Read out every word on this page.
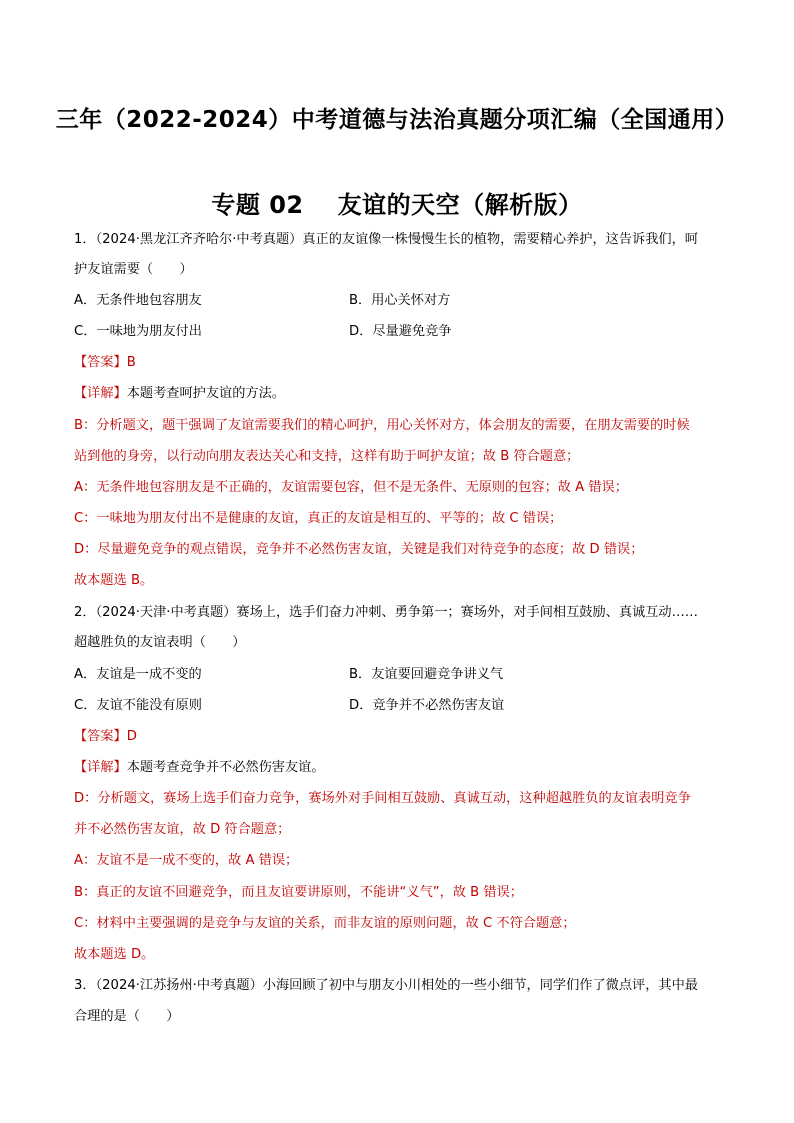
三年（2022-2024）中考道德与法治真题分项汇编（全国通用）
专题 02 友谊的天空（解析版）
1．（2024·黑龙江齐齐哈尔·中考真题）真正的友谊像一株慢慢生长的植物，需要精心养护，这告诉我们，呵
护友谊需要（　　）
A．无条件地包容朋友	B．用心关怀对方
C．一味地为朋友付出	D．尽量避免竞争
【答案】B
【详解】本题考查呵护友谊的方法。
B：分析题文，题干强调了友谊需要我们的精心呵护，用心关怀对方，体会朋友的需要，在朋友需要的时候
站到他的身旁，以行动向朋友表达关心和支持，这样有助于呵护友谊；故 B 符合题意；
A：无条件地包容朋友是不正确的，友谊需要包容，但不是无条件、无原则的包容；故 A 错误；
C：一味地为朋友付出不是健康的友谊，真正的友谊是相互的、平等的；故 C 错误；
D：尽量避免竞争的观点错误，竞争并不必然伤害友谊，关键是我们对待竞争的态度；故 D 错误；
故本题选 B。
2．（2024·天津·中考真题）赛场上，选手们奋力冲刺、勇争第一；赛场外，对手间相互鼓励、真诚互动……
超越胜负的友谊表明（　　）
A．友谊是一成不变的	B．友谊要回避竞争讲义气
C．友谊不能没有原则	D．竞争并不必然伤害友谊
【答案】D
【详解】本题考查竞争并不必然伤害友谊。
D：分析题文，赛场上选手们奋力竞争，赛场外对手间相互鼓励、真诚互动，这种超越胜负的友谊表明竞争
并不必然伤害友谊，故 D 符合题意；
A：友谊不是一成不变的，故 A 错误；
B：真正的友谊不回避竞争，而且友谊要讲原则，不能讲“义气”，故 B 错误；
C：材料中主要强调的是竞争与友谊的关系，而非友谊的原则问题，故 C 不符合题意；
故本题选 D。
3．（2024·江苏扬州·中考真题）小海回顾了初中与朋友小川相处的一些小细节，同学们作了微点评，其中最
合理的是（　　）
